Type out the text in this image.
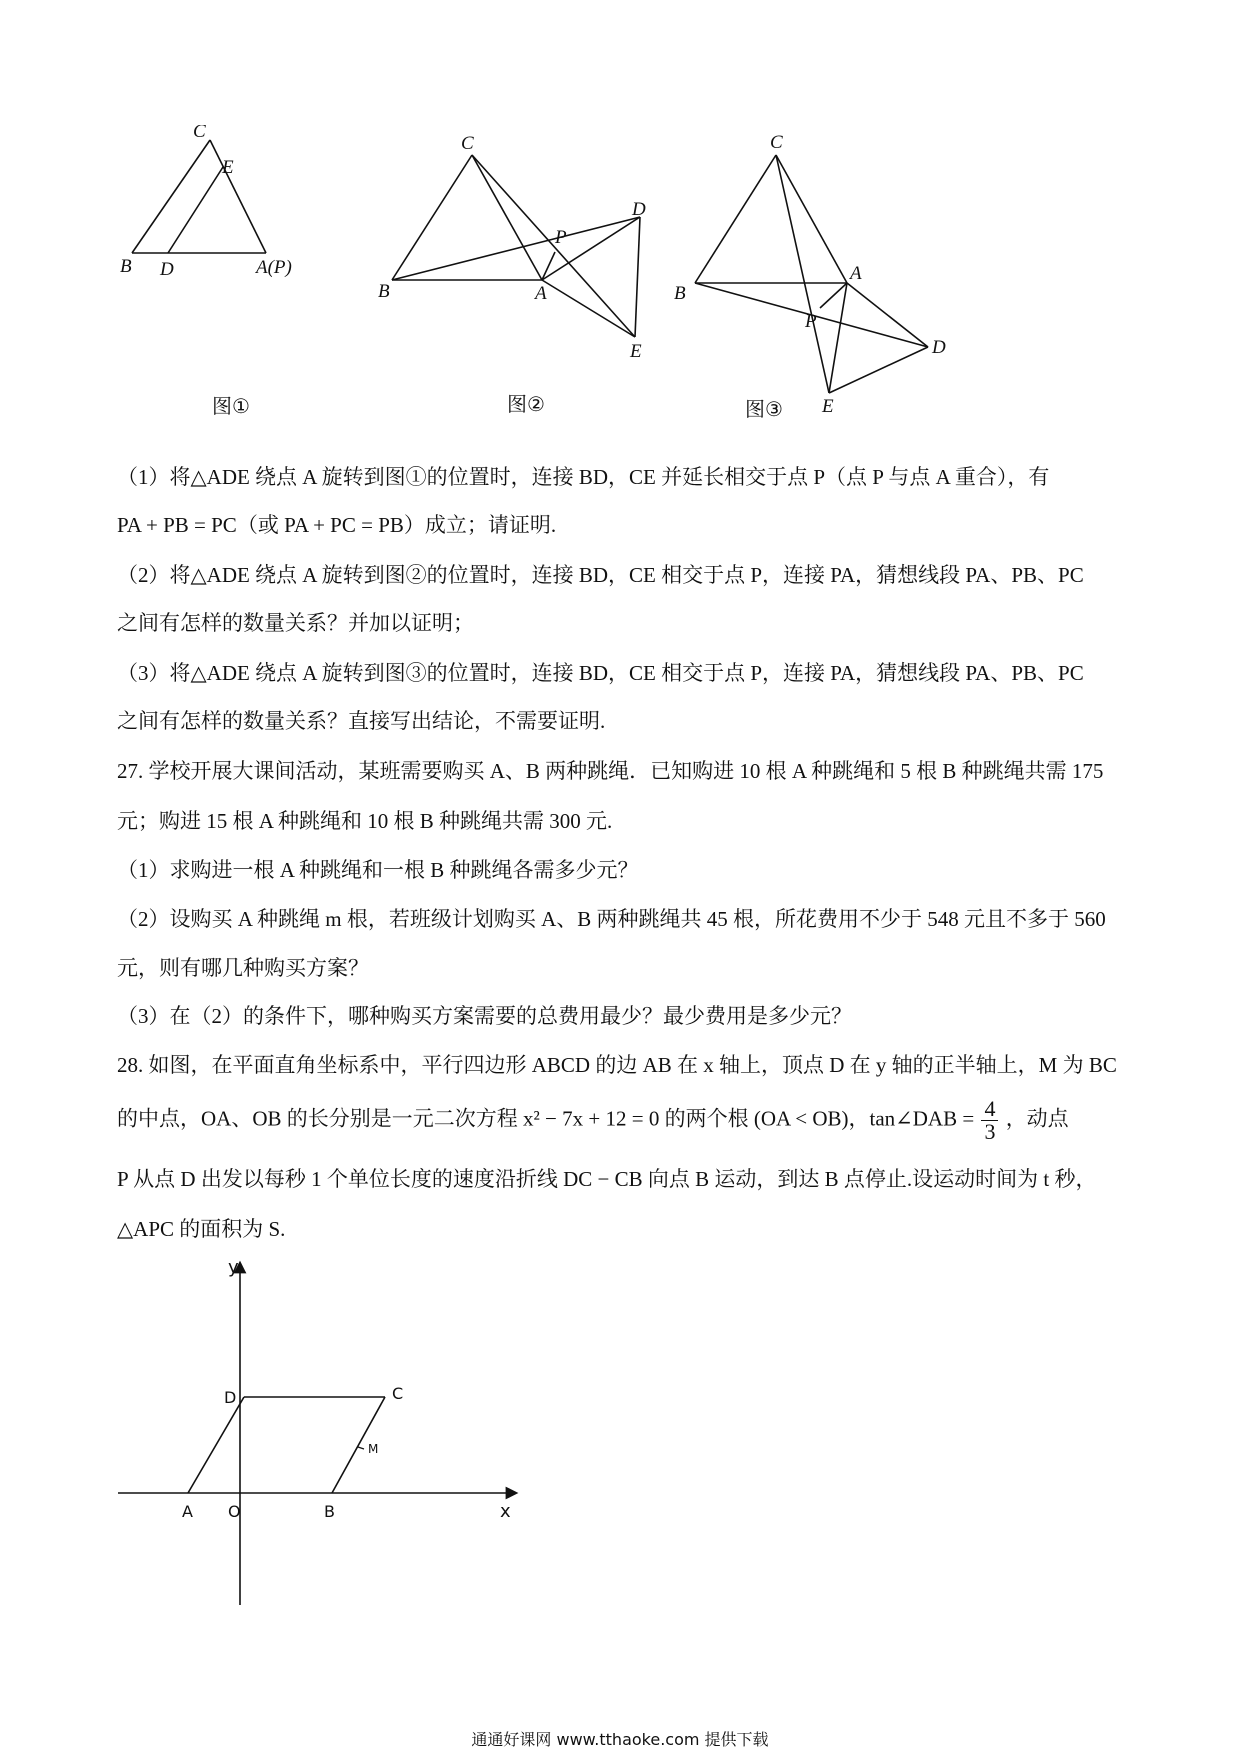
C
E
B D	A(P)
图①
C
P
D
B	A
E
图②
C
A
B
P
D
E
图③
（1）将△ADE 绕点 A 旋转到图①的位置时，连接 BD，CE 并延长相交于点 P（点 P 与点 A 重合），有
PA + PB = PC（或 PA + PC = PB）成立；请证明.
（2）将△ADE 绕点 A 旋转到图②的位置时，连接 BD，CE 相交于点 P，连接 PA，猜想线段 PA、PB、PC
之间有怎样的数量关系？并加以证明；
（3）将△ADE 绕点 A 旋转到图③的位置时，连接 BD，CE 相交于点 P，连接 PA，猜想线段 PA、PB、PC
之间有怎样的数量关系？直接写出结论，不需要证明.
27. 学校开展大课间活动，某班需要购买 A、B 两种跳绳．已知购进 10 根 A 种跳绳和 5 根 B 种跳绳共需 175
元；购进 15 根 A 种跳绳和 10 根 B 种跳绳共需 300 元.
（1）求购进一根 A 种跳绳和一根 B 种跳绳各需多少元？
（2）设购买 A 种跳绳 m 根，若班级计划购买 A、B 两种跳绳共 45 根，所花费用不少于 548 元且不多于 560
元，则有哪几种购买方案？
（3）在（2）的条件下，哪种购买方案需要的总费用最少？最少费用是多少元？
28. 如图，在平面直角坐标系中，平行四边形 ABCD 的边 AB 在 x 轴上，顶点 D 在 y 轴的正半轴上，M 为 BC
的中点，OA、OB 的长分别是一元二次方程 x² − 7x + 12 = 0 的两个根 (OA < OB)，tan∠DAB = $\frac{4}{3}$ ，动点
P 从点 D 出发以每秒 1 个单位长度的速度沿折线 DC − CB 向点 B 运动，到达 B 点停止.设运动时间为 t 秒，
△APC 的面积为 S.
y
x
D	C
M
A O	B
通通好课网 www.tthaoke.com 提供下载
